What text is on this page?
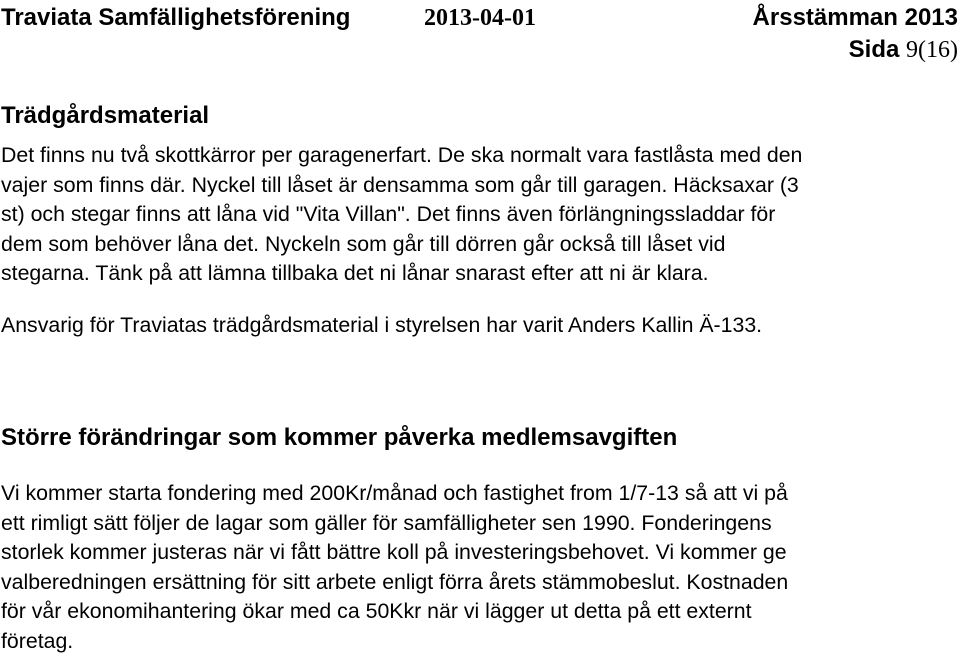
Traviata Samfällighetsförening	2013-04-01	Årsstämman 2013
Sida 9(16)
Trädgårdsmaterial
Det finns nu två skottkärror per garagenerfart. De ska normalt vara fastlåsta med den
vajer som finns där. Nyckel till låset är densamma som går till garagen. Häcksaxar (3
st) och stegar finns att låna vid "Vita Villan". Det finns även förlängningssladdar för
dem som behöver låna det. Nyckeln som går till dörren går också till låset vid
stegarna. Tänk på att lämna tillbaka det ni lånar snarast efter att ni är klara.
Ansvarig för Traviatas trädgårdsmaterial i styrelsen har varit Anders Kallin Ä-133.
Större förändringar som kommer påverka medlemsavgiften
Vi kommer starta fondering med 200Kr/månad och fastighet from 1/7-13 så att vi på
ett rimligt sätt följer de lagar som gäller för samfälligheter sen 1990. Fonderingens
storlek kommer justeras när vi fått bättre koll på investeringsbehovet. Vi kommer ge
valberedningen ersättning för sitt arbete enligt förra årets stämmobeslut. Kostnaden
för vår ekonomihantering ökar med ca 50Kkr när vi lägger ut detta på ett externt
företag.
